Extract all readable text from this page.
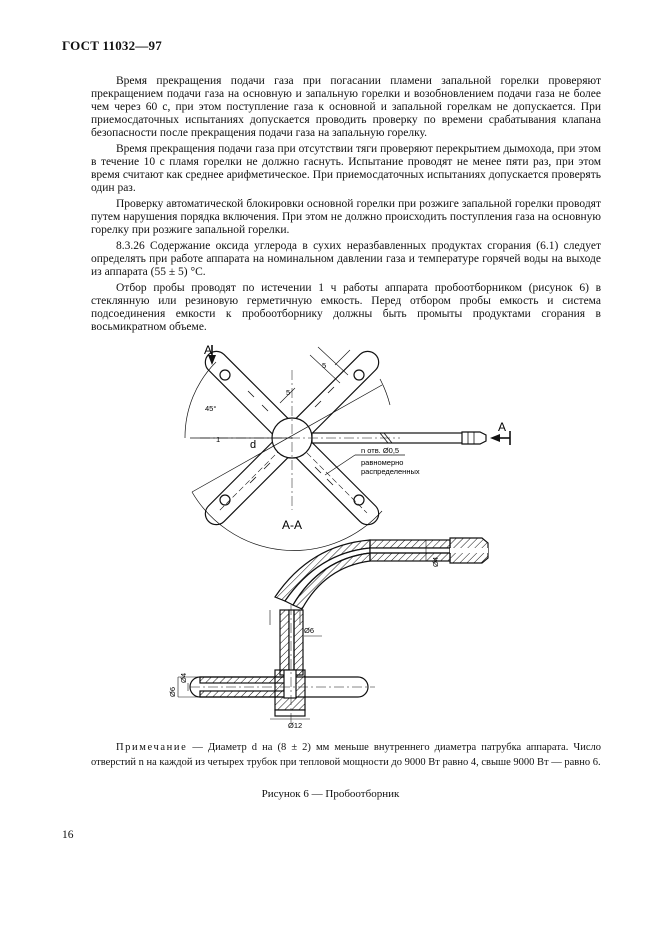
ГОСТ 11032—97

Время прекращения подачи газа при погасании пламени запальной горелки проверяют прекращением подачи газа на основную и запальную горелки и возобновлением подачи газа не более чем через 60 с, при этом поступление газа к основной и запальной горелкам не допускается. При приемосдаточных испытаниях допускается проводить проверку по времени срабатывания клапана безопасности после прекращения подачи газа на запальную горелку.

Время прекращения подачи газа при отсутствии тяги проверяют перекрытием дымохода, при этом в течение 10 с пламя горелки не должно гаснуть. Испытание проводят не менее пяти раз, при этом время считают как среднее арифметическое. При приемосдаточных испытаниях допускается проверять один раз.

Проверку автоматической блокировки основной горелки при розжиге запальной горелки проводят путем нарушения порядка включения. При этом не должно происходить поступления газа на основную горелку при розжиге запальной горелки.

8.3.26 Содержание оксида углерода в сухих неразбавленных продуктах сгорания (6.1) следует определять при работе аппарата на номинальном давлении газа и температуре горячей воды на выходе из аппарата (55 ± 5) °С.

Отбор пробы проводят по истечении 1 ч работы аппарата пробоотборником (рисунок 6) в стеклянную или резиновую герметичную емкость. Перед отбором пробы емкость и система подсоединения емкости к пробоотборнику должны быть промыты продуктами сгорания в восьмикратном объеме.

A
A
45°
1	d
5
5
n отв. Ø0,5
равномерно
распределенных
A-A
Ø6
Ø12
Ø4
Ø6
Ø4
Примечание — Диаметр d на (8 ± 2) мм меньше внутреннего диаметра патрубка аппарата. Число отверстий n на каждой из четырех трубок при тепловой мощности до 9000 Вт равно 4, свыше 9000 Вт — равно 6.
Рисунок 6 — Пробоотборник
16
